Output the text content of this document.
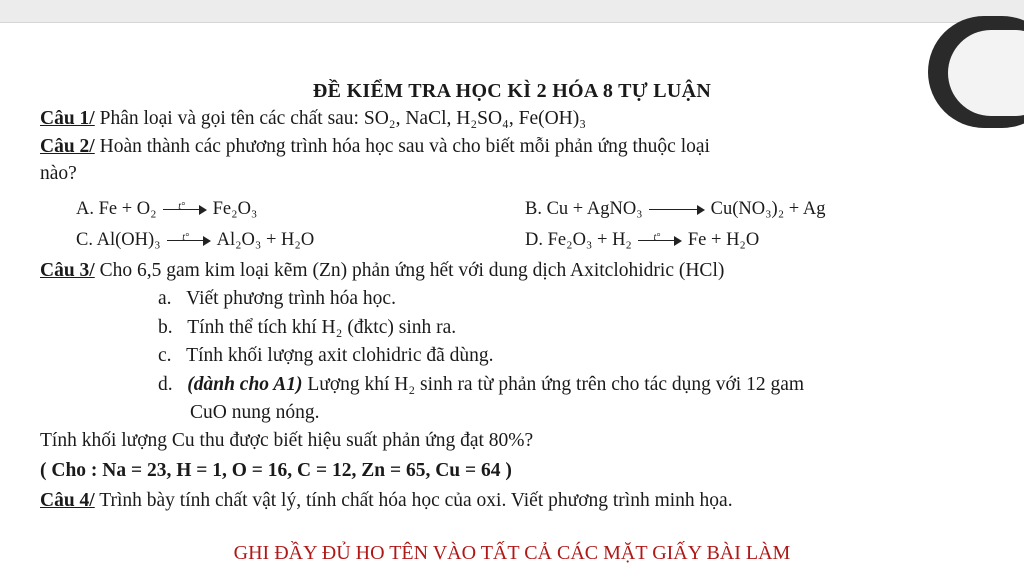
ĐỀ KIỂM TRA HỌC KÌ 2 HÓA 8 TỰ LUẬN
Câu 1/ Phân loại và gọi tên các chất sau: SO₂, NaCl, H₂SO₄, Fe(OH)₃
Câu 2/ Hoàn thành các phương trình hóa học sau và cho biết mỗi phản ứng thuộc loại
nào?
A. Fe + O₂	t°	Fe₂O₃	B. Cu + AgNO₃	Cu(NO₃)₂ + Ag
C. Al(OH)₃	t°	Al₂O₃ + H₂O	D. Fe₂O₃ + H₂	t°	Fe + H₂O
Câu 3/ Cho 6,5 gam kim loại kẽm (Zn) phản ứng hết với dung dịch Axitclohidric (HCl)
a. Viết phương trình hóa học.
b. Tính thể tích khí H₂ (đktc) sinh ra.
c. Tính khối lượng axit clohidric đã dùng.
d. (dành cho A1) Lượng khí H₂ sinh ra từ phản ứng trên cho tác dụng với 12 gam
CuO nung nóng.
Tính khối lượng Cu thu được biết hiệu suất phản ứng đạt 80%?
( Cho : Na = 23, H = 1, O = 16, C = 12, Zn = 65, Cu = 64 )
Câu 4/ Trình bày tính chất vật lý, tính chất hóa học của oxi. Viết phương trình minh họa.
GHI ĐẦY ĐỦ HO TÊN VÀO TẤT CẢ CÁC MẶT GIẤY BÀI LÀM
